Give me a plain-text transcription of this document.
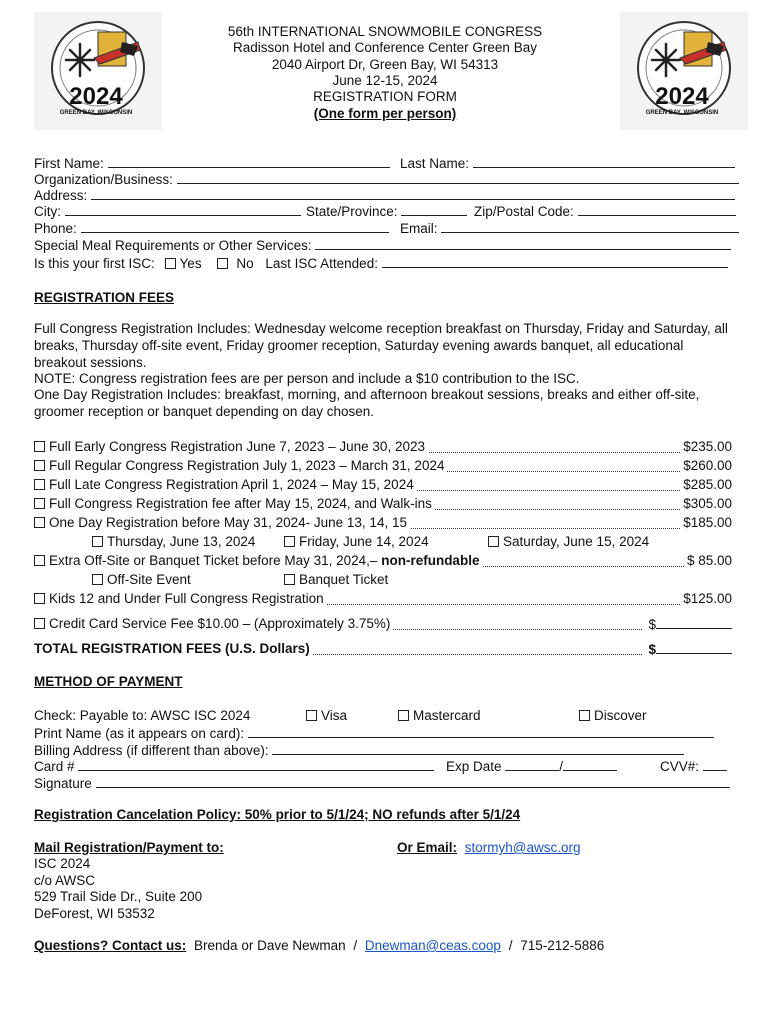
2024
GREEN BAY, WISCONSIN
2024
GREEN BAY, WISCONSIN
56th INTERNATIONAL SNOWMOBILE CONGRESS
Radisson Hotel and Conference Center Green Bay
2040 Airport Dr, Green Bay, WI 54313
June 12-15, 2024
REGISTRATION FORM
(One form per person)
First Name:	Last Name:
Organization/Business:
Address:
City:	State/Province:	Zip/Postal Code:
Phone:	Email:
Special Meal Requirements or Other Services:
Is this your first ISC: Yes	No Last ISC Attended:
REGISTRATION FEES
Full Congress Registration Includes: Wednesday welcome reception breakfast on Thursday, Friday and Saturday, all breaks, Thursday off-site event, Friday groomer reception, Saturday evening awards banquet, all educational breakout sessions.
NOTE: Congress registration fees are per person and include a $10 contribution to the ISC.
One Day Registration Includes: breakfast, morning, and afternoon breakout sessions, breaks and either off-site, groomer reception or banquet depending on day chosen.
Full Early Congress Registration June 7, 2023 – June 30, 2023	$235.00
Full Regular Congress Registration July 1, 2023 – March 31, 2024	$260.00
Full Late Congress Registration April 1, 2024 – May 15, 2024	$285.00
Full Congress Registration fee after May 15, 2024, and Walk-ins	$305.00
One Day Registration before May 31, 2024- June 13, 14, 15	$185.00
Thursday, June 13, 2024	Friday, June 14, 2024	Saturday, June 15, 2024
Extra Off-Site or Banquet Ticket before May 31, 2024,– non-refundable	$ 85.00
Off-Site Event	Banquet Ticket
Kids 12 and Under Full Congress Registration	$125.00
Credit Card Service Fee $10.00 – (Approximately 3.75%)	$
TOTAL REGISTRATION FEES (U.S. Dollars)	$
METHOD OF PAYMENT
Check: Payable to: AWSC ISC 2024	Visa	Mastercard	Discover
Print Name (as it appears on card):
Billing Address (if different than above):
Card #	Exp Date	/	CVV#:
Signature
Registration Cancelation Policy: 50% prior to 5/1/24; NO refunds after 5/1/24
Mail Registration/Payment to:
ISC 2024
c/o AWSC
529 Trail Side Dr., Suite 200
DeForest, WI 53532
Or Email: stormyh@awsc.org
Questions? Contact us: Brenda or Dave Newman / Dnewman@ceas.coop / 715-212-5886
